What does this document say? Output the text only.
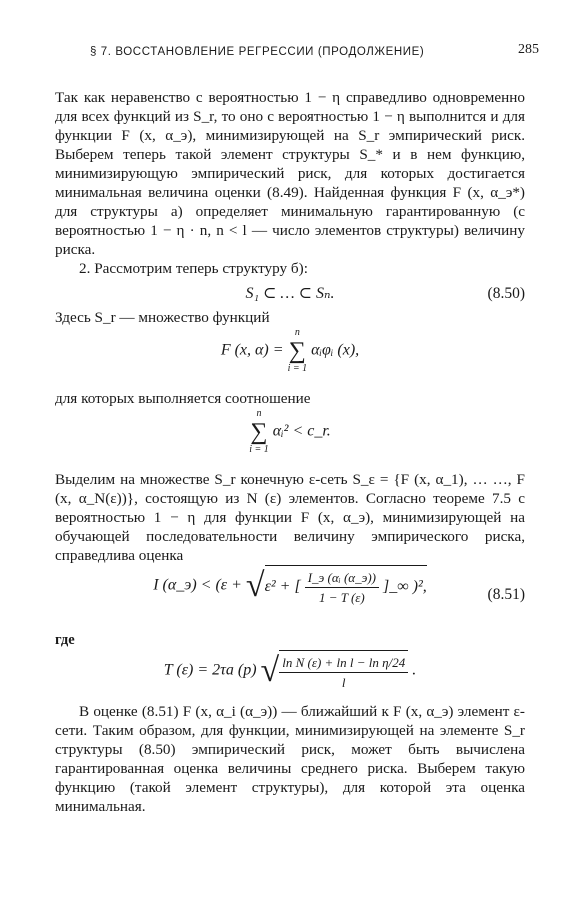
§ 7. ВОССТАНОВЛЕНИЕ РЕГРЕССИИ (ПРОДОЛЖЕНИЕ)	285

Так как неравенство с вероятностью 1 − η справедливо одновременно для всех функций из S_r, то оно с вероятностью 1 − η выполнится и для функции F (x, α_э), минимизирующей на S_r эмпирический риск. Выберем теперь такой элемент структуры S_* и в нем функцию, минимизирующую эмпирический риск, для которых достигается минимальная величина оценки (8.49). Найденная функция F (x, α_э*) для структуры а) определяет минимальную гарантированную (с вероятностью 1 − η · n, n < l — число элементов структуры) величину риска.

2. Рассмотрим теперь структуру б):

S₁ ⊂ … ⊂ Sₙ.	(8.50)

Здесь S_r — множество функций

F (x, α) =
n
∑
i = 1
αᵢφᵢ (x),

для которых выполняется соотношение

n
∑
i = 1
αᵢ² < c_r.

Выделим на множестве S_r конечную ε-сеть S_ε = {F (x, α_1), … …, F (x, α_N(ε))}, состоящую из N (ε) элементов. Согласно теореме 7.5 с вероятностью 1 − η для функции F (x, α_э), минимизирующей на обучающей последовательности величину эмпирического риска, справедлива оценка

I (α_э) < (ε + √ε² + [ $\frac{\text{I\_э (αᵢ (α\_э))}}{1 - T (\varepsilon)}$ ]_∞ )²,	(8.51)

где

T (ε) = 2τa (p) √ $\frac{\text{ln N (ε) + ln l − ln η/24}}{l}$ .

В оценке (8.51) F (x, α_i (α_э)) — ближайший к F (x, α_э) элемент ε-сети. Таким образом, для функции, минимизирующей на элементе S_r структуры (8.50) эмпирический риск, может быть вычислена гарантированная оценка величины среднего риска. Выберем такую функцию (такой элемент структуры), для которой эта оценка минимальная.
